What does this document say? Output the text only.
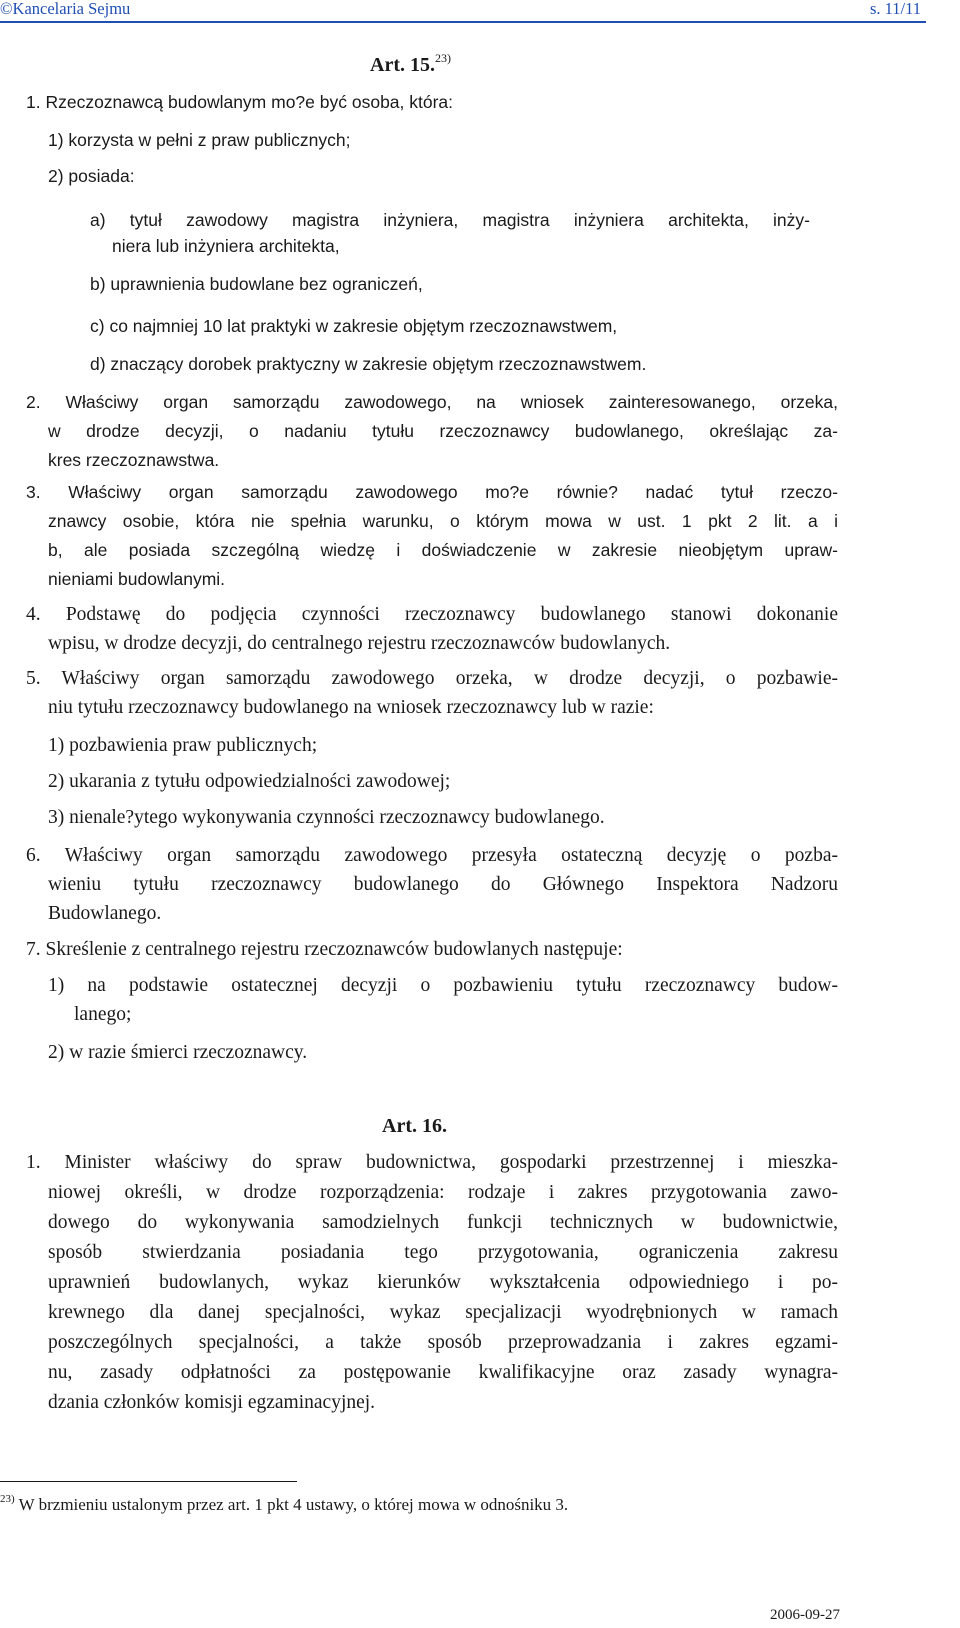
©Kancelaria Sejmu	s. 11/11
Art. 15.$^{23)}$
1. Rzeczoznawcą budowlanym mo?e być osoba, która:
1) korzysta w pełni z praw publicznych;
2) posiada:
a) tytuł zawodowy magistra inżyniera, magistra inżyniera architekta, inży-
niera lub inżyniera architekta,
b) uprawnienia budowlane bez ograniczeń,
c) co najmniej 10 lat praktyki w zakresie objętym rzeczoznawstwem,
d) znaczący dorobek praktyczny w zakresie objętym rzeczoznawstwem.
2. Właściwy organ samorządu zawodowego, na wniosek zainteresowanego, orzeka,
w drodze decyzji, o nadaniu tytułu rzeczoznawcy budowlanego, określając za-
kres rzeczoznawstwa.
3. Właściwy organ samorządu zawodowego mo?e równie? nadać tytuł rzeczo-
znawcy osobie, która nie spełnia warunku, o którym mowa w ust. 1 pkt 2 lit. a i
b, ale posiada szczególną wiedzę i doświadczenie w zakresie nieobjętym upraw-
nieniami budowlanymi.
4. Podstawę do podjęcia czynności rzeczoznawcy budowlanego stanowi dokonanie
wpisu, w drodze decyzji, do centralnego rejestru rzeczoznawców budowlanych.
5. Właściwy organ samorządu zawodowego orzeka, w drodze decyzji, o pozbawie-
niu tytułu rzeczoznawcy budowlanego na wniosek rzeczoznawcy lub w razie:
1) pozbawienia praw publicznych;
2) ukarania z tytułu odpowiedzialności zawodowej;
3) nienale?ytego wykonywania czynności rzeczoznawcy budowlanego.
6. Właściwy organ samorządu zawodowego przesyła ostateczną decyzję o pozba-
wieniu tytułu rzeczoznawcy budowlanego do Głównego Inspektora Nadzoru
Budowlanego.
7. Skreślenie z centralnego rejestru rzeczoznawców budowlanych następuje:
1) na podstawie ostatecznej decyzji o pozbawieniu tytułu rzeczoznawcy budow-
lanego;
2) w razie śmierci rzeczoznawcy.
Art. 16.
1. Minister właściwy do spraw budownictwa, gospodarki przestrzennej i mieszka-
niowej określi, w drodze rozporządzenia: rodzaje i zakres przygotowania zawo-
dowego do wykonywania samodzielnych funkcji technicznych w budownictwie,
sposób stwierdzania posiadania tego przygotowania, ograniczenia zakresu
uprawnień budowlanych, wykaz kierunków wykształcenia odpowiedniego i po-
krewnego dla danej specjalności, wykaz specjalizacji wyodrębnionych w ramach
poszczególnych specjalności, a także sposób przeprowadzania i zakres egzami-
nu, zasady odpłatności za postępowanie kwalifikacyjne oraz zasady wynagra-
dzania członków komisji egzaminacyjnej.
$^{23)}$ W brzmieniu ustalonym przez art. 1 pkt 4 ustawy, o której mowa w odnośniku 3.
2006-09-27
